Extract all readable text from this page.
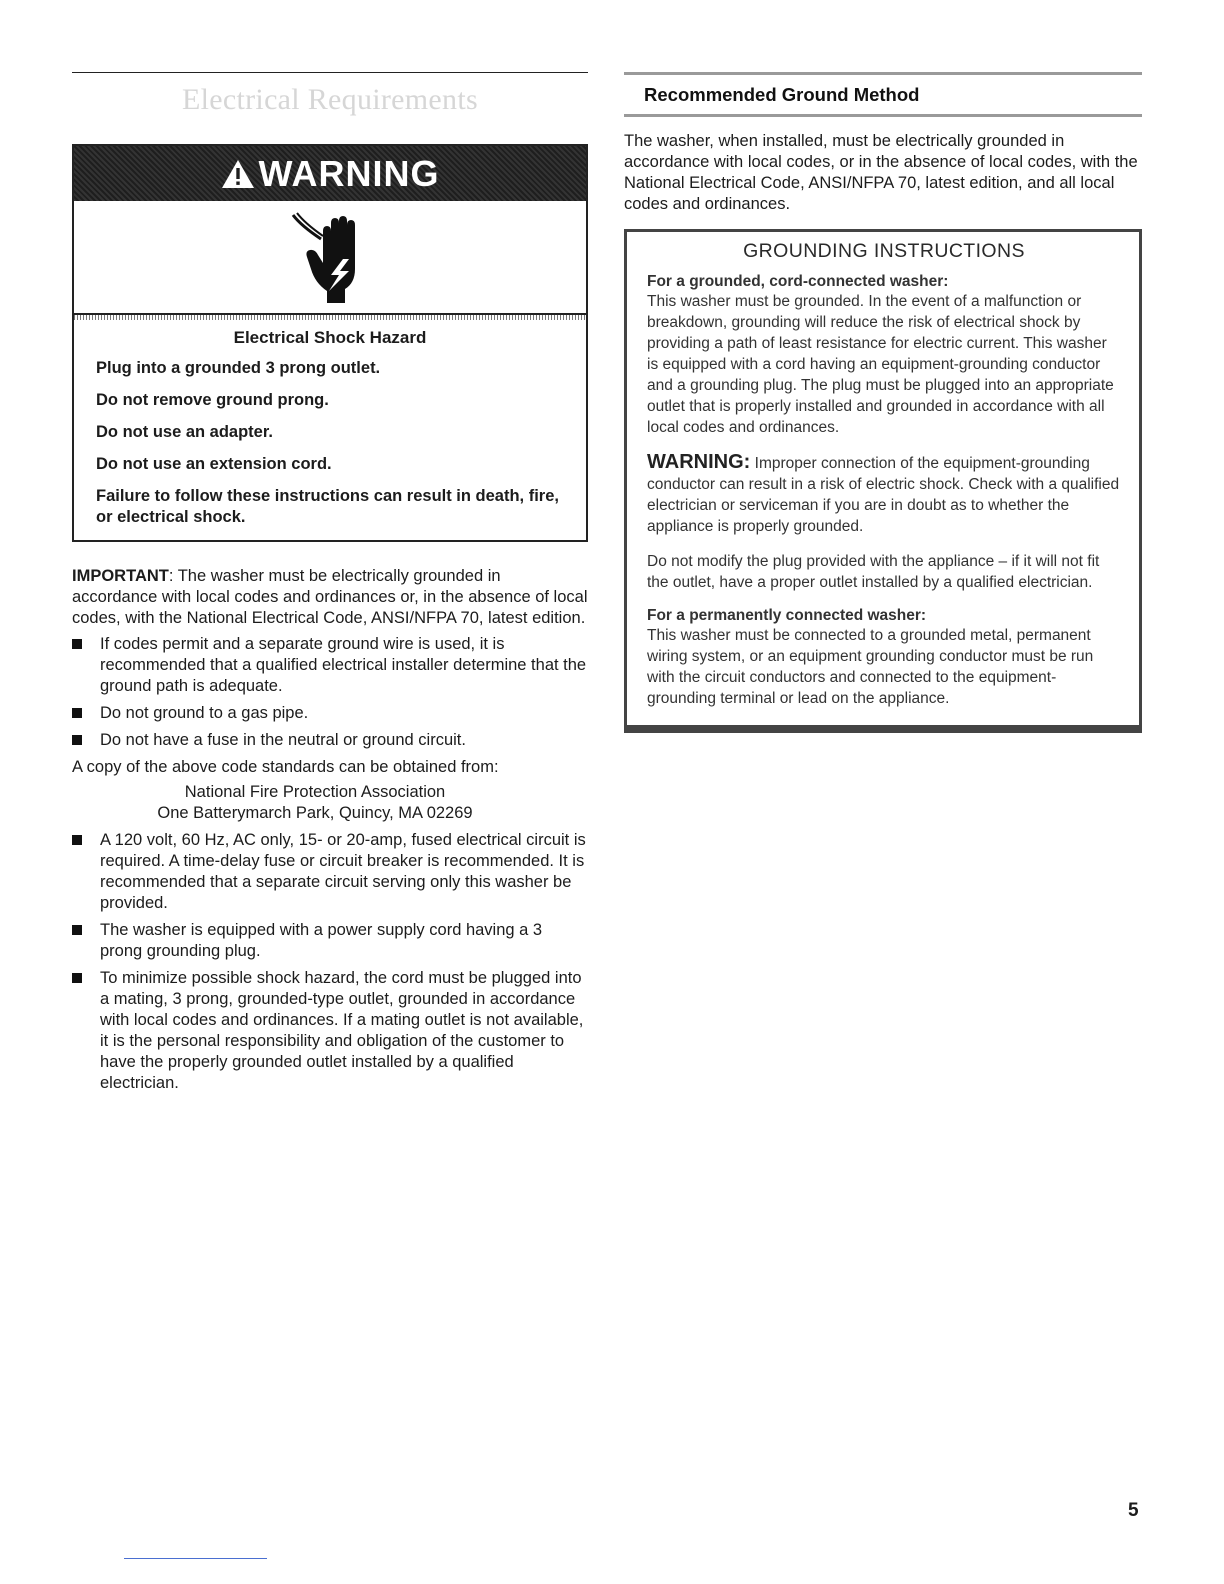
Electrical Requirements
WARNING
Electrical Shock Hazard
Plug into a grounded 3 prong outlet.
Do not remove ground prong.
Do not use an adapter.
Do not use an extension cord.
Failure to follow these instructions can result in death, fire, or electrical shock.
IMPORTANT: The washer must be electrically grounded in accordance with local codes and ordinances or, in the absence of local codes, with the National Electrical Code, ANSI/NFPA 70, latest edition.
If codes permit and a separate ground wire is used, it is recommended that a qualified electrical installer determine that the ground path is adequate.
Do not ground to a gas pipe.
Do not have a fuse in the neutral or ground circuit.
A copy of the above code standards can be obtained from:
National Fire Protection Association
One Batterymarch Park, Quincy, MA 02269
A 120 volt, 60 Hz, AC only, 15- or 20-amp, fused electrical circuit is required. A time-delay fuse or circuit breaker is recommended. It is recommended that a separate circuit serving only this washer be provided.
The washer is equipped with a power supply cord having a 3 prong grounding plug.
To minimize possible shock hazard, the cord must be plugged into a mating, 3 prong, grounded-type outlet, grounded in accordance with local codes and ordinances. If a mating outlet is not available, it is the personal responsibility and obligation of the customer to have the properly grounded outlet installed by a qualified electrician.
Recommended Ground Method
The washer, when installed, must be electrically grounded in accordance with local codes, or in the absence of local codes, with the National Electrical Code, ANSI/NFPA 70, latest edition, and all local codes and ordinances.
GROUNDING INSTRUCTIONS
For a grounded, cord-connected washer:
This washer must be grounded. In the event of a malfunction or breakdown, grounding will reduce the risk of electrical shock by providing a path of least resistance for electric current. This washer is equipped with a cord having an equipment-grounding conductor and a grounding plug. The plug must be plugged into an appropriate outlet that is properly installed and grounded in accordance with all local codes and ordinances.
WARNING: Improper connection of the equipment-grounding conductor can result in a risk of electric shock. Check with a qualified electrician or serviceman if you are in doubt as to whether the appliance is properly grounded.
Do not modify the plug provided with the appliance – if it will not fit the outlet, have a proper outlet installed by a qualified electrician.
For a permanently connected washer:
This washer must be connected to a grounded metal, permanent wiring system, or an equipment grounding conductor must be run with the circuit conductors and connected to the equipment-grounding terminal or lead on the appliance.
5
